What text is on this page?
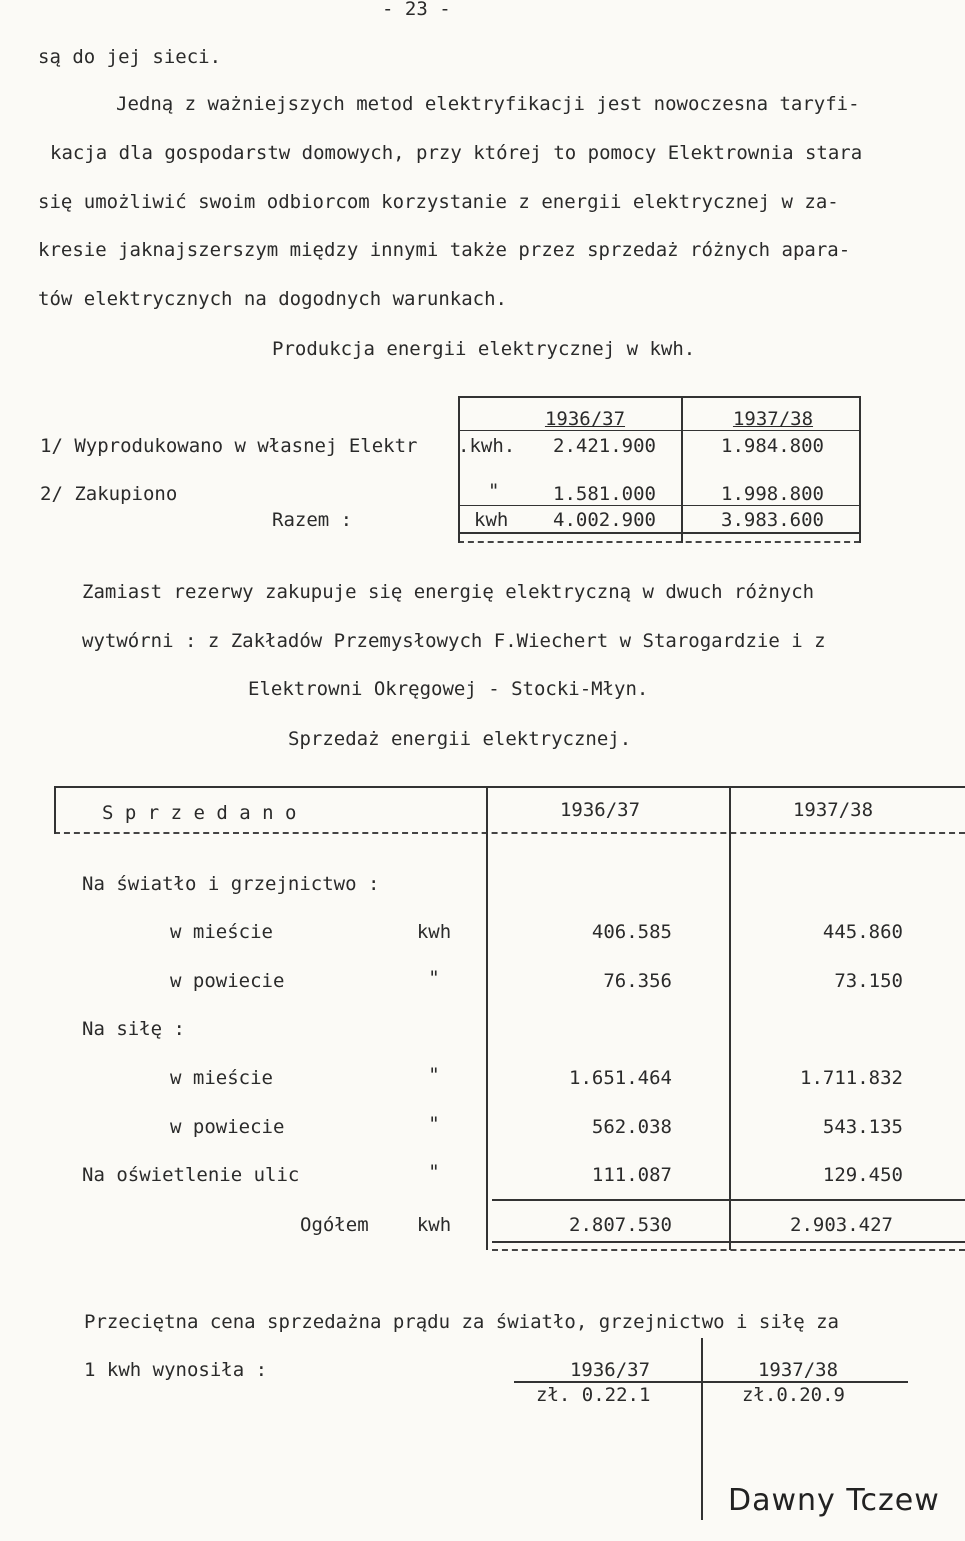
- 23 -
są do jej sieci.
Jedną z ważniejszych metod elektryfikacji jest nowoczesna taryfi-
kacja dla gospodarstw domowych, przy której to pomocy Elektrownia stara
się umożliwić swoim odbiorcom korzystanie z energii elektrycznej w za-
kresie jaknajszerszym między innymi także przez sprzedaż różnych apara-
tów elektrycznych na dogodnych warunkach.
Produkcja energii elektrycznej w kwh.
1936/37	1937/38
1/ Wyprodukowano w własnej Elektr .kwh.	2.421.900	1.984.800
2/ Zakupiono	"	1.581.000	1.998.800
Razem :	kwh	4.002.900	3.983.600
Zamiast rezerwy zakupuje się energię elektryczną w dwuch różnych
wytwórni : z Zakładów Przemysłowych F.Wiechert w Starogardzie i z
Elektrowni Okręgowej - Stocki-Młyn.
Sprzedaż energii elektrycznej.
S p r z e d a n o	1936/37	1937/38
Na światło i grzejnictwo :
w mieście	kwh	406.585	445.860
w powiecie	"	76.356	73.150
Na siłę :
w mieście	"	1.651.464	1.711.832
w powiecie	"	562.038	543.135
Na oświetlenie ulic	"	111.087	129.450
Ogółem	kwh	2.807.530	2.903.427
Przeciętna cena sprzedażna prądu za światło, grzejnictwo i siłę za
1 kwh wynosiła :	1936/37	1937/38
zł. 0.22.1	zł.0.20.9
Dawny Tczew
